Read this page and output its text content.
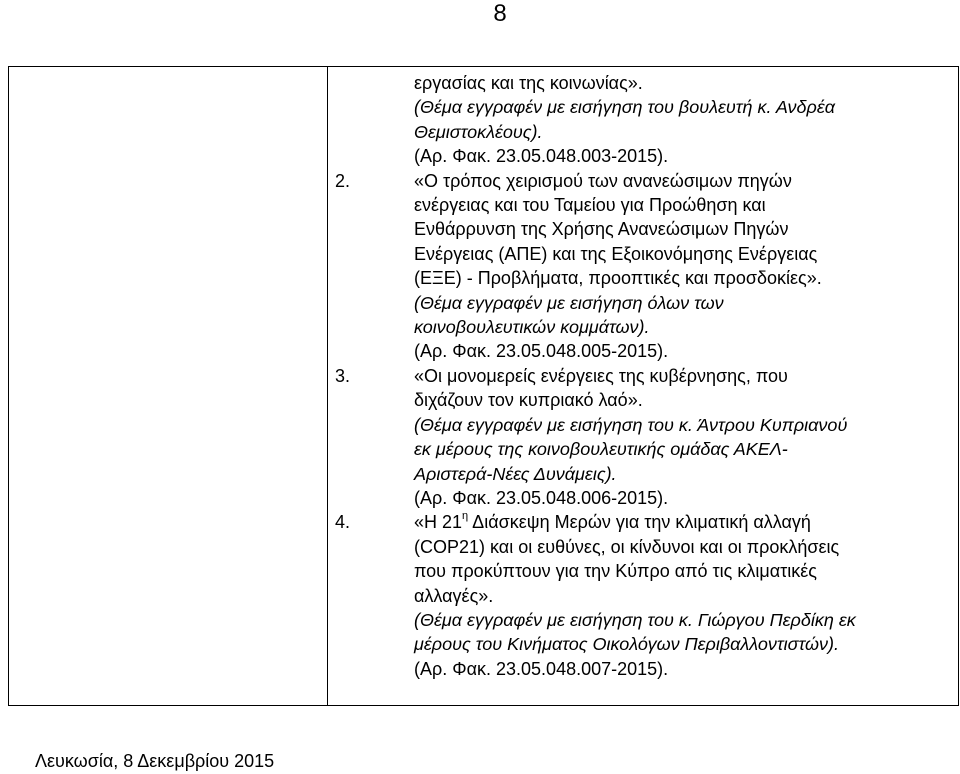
8
εργασίας και της κοινωνίας».
(Θέμα εγγραφέν με εισήγηση του βουλευτή κ. Ανδρέα
Θεμιστοκλέους).
(Αρ. Φακ. 23.05.048.003-2015).
2.	«Ο τρόπος χειρισμού των ανανεώσιμων πηγών
ενέργειας και του Ταμείου για Προώθηση και
Ενθάρρυνση της Χρήσης Ανανεώσιμων Πηγών
Ενέργειας (ΑΠΕ) και της Εξοικονόμησης Ενέργειας
(ΕΞΕ) - Προβλήματα, προοπτικές και προσδοκίες».
(Θέμα εγγραφέν με εισήγηση όλων των
κοινοβουλευτικών κομμάτων).
(Αρ. Φακ. 23.05.048.005-2015).
3.	«Οι μονομερείς ενέργειες της κυβέρνησης, που
διχάζουν τον κυπριακό λαό».
(Θέμα εγγραφέν με εισήγηση του κ. Άντρου Κυπριανού
εκ μέρους της κοινοβουλευτικής ομάδας ΑΚΕΛ-
Αριστερά-Νέες Δυνάμεις).
(Αρ. Φακ. 23.05.048.006-2015).
4.	«Η $21^\eta$ Διάσκεψη Μερών για την κλιματική αλλαγή
(COP21) και οι ευθύνες, οι κίνδυνοι και οι προκλήσεις
που προκύπτουν για την Κύπρο από τις κλιματικές
αλλαγές».
(Θέμα εγγραφέν με εισήγηση του κ. Γιώργου Περδίκη εκ
μέρους του Κινήματος Οικολόγων Περιβαλλοντιστών).
(Αρ. Φακ. 23.05.048.007-2015).
Λευκωσία, 8 Δεκεμβρίου 2015
